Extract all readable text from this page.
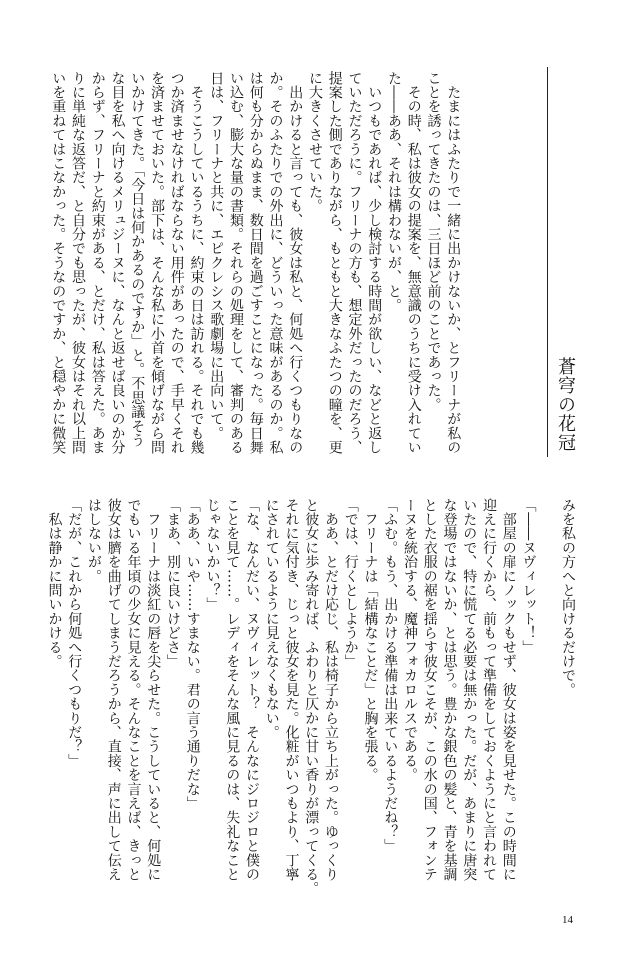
　たまにはふたりで一緒に出かけないか、とフリーナが私の

ことを誘ってきたのは、三日ほど前のことであった。

　その時、私は彼女の提案を、無意識のうちに受け入れてい

た――ああ、それは構わないが、と。

　いつもであれば、少し検討する時間が欲しい、などと返し

ていただろうに。フリーナの方も、想定外だったのだろう、

提案した側でありながら、もともと大きなふたつの瞳を、更

に大きくさせていた。

　出かけると言っても、彼女は私と、何処へ行くつもりなの

か。そのふたりでの外出に、どういった意味があるのか。私

は何も分からぬまま、数日間を過ごすことになった。毎日舞

い込む、膨大な量の書類。それらの処理をして、審判のある

日は、フリーナと共に、エピクレシス歌劇場に出向いて。

　そうこうしているうちに、約束の日は訪れる。それでも幾

つか済ませなければならない用件があったので、手早くそれ

を済ませておいた。部下は、そんな私に小首を傾げながら問

いかけてきた。「今日は何かあるのですか」と。不思議そう

な目を私へ向けるメリュジーヌに、なんと返せば良いのか分

からず、フリーナと約束がある、とだけ、私は答えた。あま

りに単純な返答だ、と自分でも思ったが、彼女はそれ以上問

いを重ねてはこなかった。そうなのですか、と穏やかに微笑	蒼穹の花冠

みを私の方へと向けるだけで。

「――ヌヴィレット！」

　部屋の扉にノックもせず、彼女は姿を見せた。この時間に

迎えに行くから、前もって準備をしておくようにと言われて

いたので、特に慌てる必要は無かった。だが、あまりに唐突

な登場ではないか、とは思う。豊かな銀色の髪と、青を基調

とした衣服の裾を揺らす彼女こそが、この水の国、フォンテ

ーヌを統治する、魔神フォカロルスである。

「ふむ。もう、出かける準備は出来ているようだね？」

　フリーナは「結構なことだ」と胸を張る。

「では、行くとしようか」

　ああ、とだけ応じ、私は椅子から立ち上がった。ゆっくり

と彼女に歩み寄れば、ふわりと仄かに甘い香りが漂ってくる。

それに気付き、じっと彼女を見た。化粧がいつもより、丁寧

にされているように見えなくもない。

「な、なんだい、ヌヴィレット？　そんなにジロジロと僕の

ことを見て……。レディをそんな風に見るのは、失礼なこと

じゃないかい？」

「ああ、いや……すまない。君の言う通りだな」

「まあ、別に良いけどさ」

　フリーナは淡紅の唇を尖らせた。こうしていると、何処に

でもいる年頃の少女に見える。そんなことを言えば、きっと

彼女は臍を曲げてしまうだろうから、直接、声に出して伝え

はしないが。

「だが、これから何処へ行くつもりだ？」

　私は静かに問いかける。

14
